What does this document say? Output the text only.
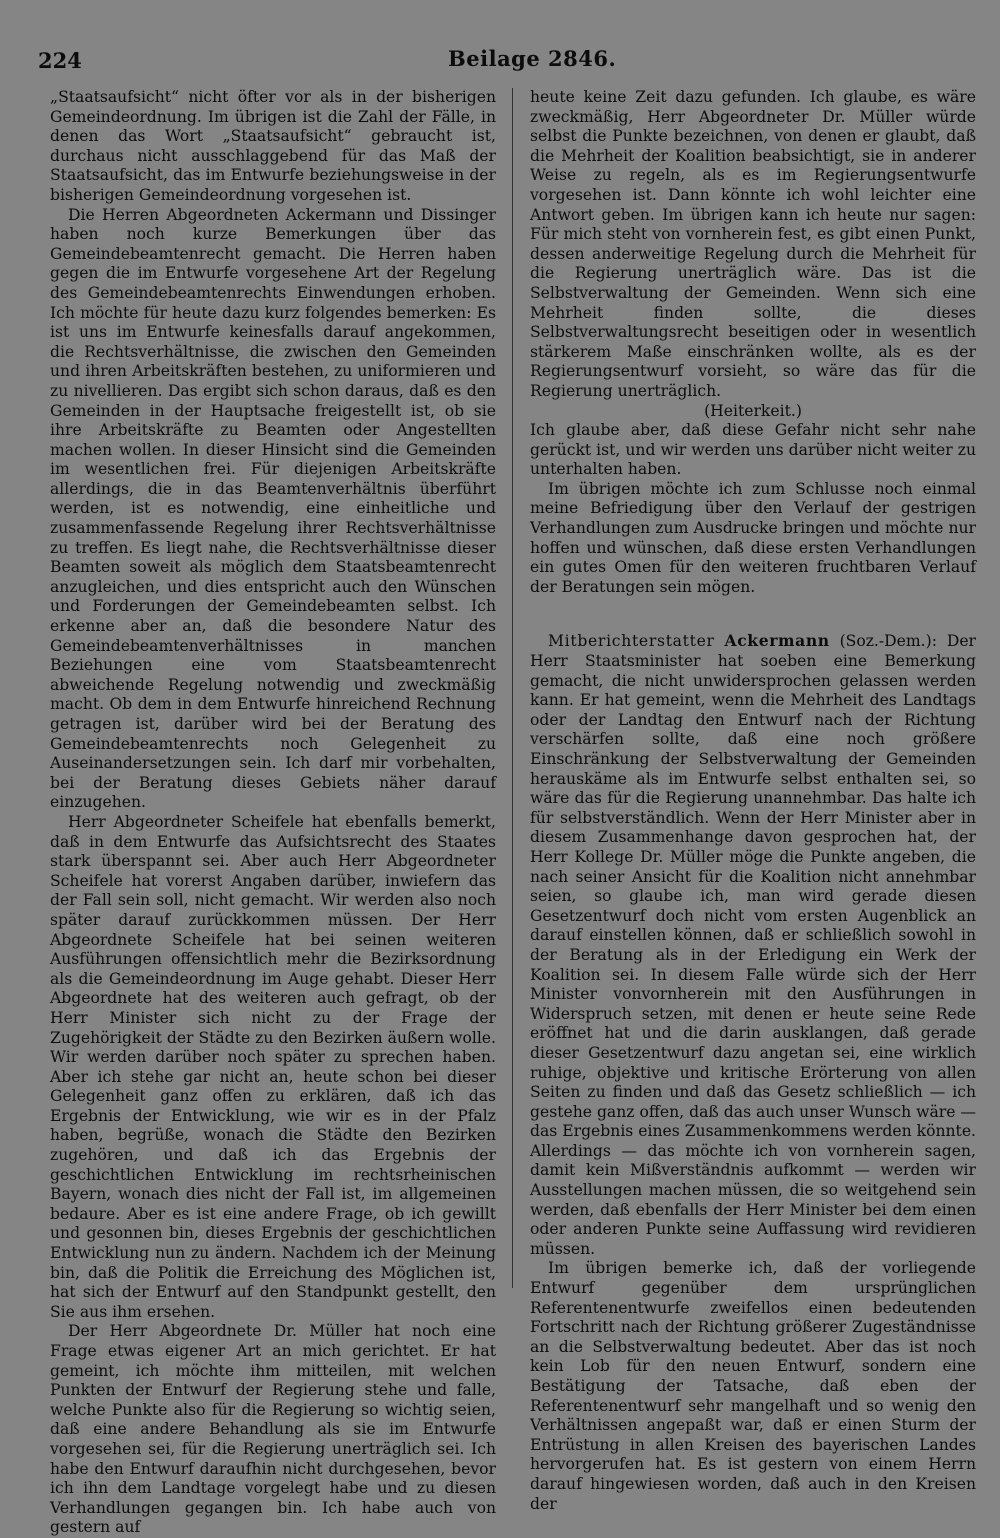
224	Beilage 2846.

„Staatsaufsicht“ nicht öfter vor als in der bisherigen Gemeindeordnung. Im übrigen ist die Zahl der Fälle, in denen das Wort „Staatsaufsicht“ gebraucht ist, durchaus nicht ausschlaggebend für das Maß der Staatsaufsicht, das im Entwurfe beziehungsweise in der bisherigen Gemeindeordnung vorgesehen ist.

Die Herren Abgeordneten Ackermann und Dissinger haben noch kurze Bemerkungen über das Gemeindebeamtenrecht gemacht. Die Herren haben gegen die im Entwurfe vorgesehene Art der Regelung des Gemeindebeamtenrechts Einwendungen erhoben. Ich möchte für heute dazu kurz folgendes bemerken: Es ist uns im Entwurfe keinesfalls darauf angekommen, die Rechtsverhältnisse, die zwischen den Gemeinden und ihren Arbeitskräften bestehen, zu uniformieren und zu nivellieren. Das ergibt sich schon daraus, daß es den Gemeinden in der Hauptsache freigestellt ist, ob sie ihre Arbeitskräfte zu Beamten oder Angestellten machen wollen. In dieser Hinsicht sind die Gemeinden im wesentlichen frei. Für diejenigen Arbeitskräfte allerdings, die in das Beamtenverhältnis überführt werden, ist es notwendig, eine einheitliche und zusammenfassende Regelung ihrer Rechtsverhältnisse zu treffen. Es liegt nahe, die Rechtsverhältnisse dieser Beamten soweit als möglich dem Staatsbeamtenrecht anzugleichen, und dies entspricht auch den Wünschen und Forderungen der Gemeindebeamten selbst. Ich erkenne aber an, daß die besondere Natur des Gemeindebeamtenverhältnisses in manchen Beziehungen eine vom Staatsbeamtenrecht abweichende Regelung notwendig und zweckmäßig macht. Ob dem in dem Entwurfe hinreichend Rechnung getragen ist, darüber wird bei der Beratung des Gemeindebeamtenrechts noch Gelegenheit zu Auseinandersetzungen sein. Ich darf mir vorbehalten, bei der Beratung dieses Gebiets näher darauf einzugehen.

Herr Abgeordneter Scheifele hat ebenfalls bemerkt, daß in dem Entwurfe das Aufsichtsrecht des Staates stark überspannt sei. Aber auch Herr Abgeordneter Scheifele hat vorerst Angaben darüber, inwiefern das der Fall sein soll, nicht gemacht. Wir werden also noch später darauf zurückkommen müssen. Der Herr Abgeordnete Scheifele hat bei seinen weiteren Ausführungen offensichtlich mehr die Bezirksordnung als die Gemeindeordnung im Auge gehabt. Dieser Herr Abgeordnete hat des weiteren auch gefragt, ob der Herr Minister sich nicht zu der Frage der Zugehörigkeit der Städte zu den Bezirken äußern wolle. Wir werden darüber noch später zu sprechen haben. Aber ich stehe gar nicht an, heute schon bei dieser Gelegenheit ganz offen zu erklären, daß ich das Ergebnis der Entwicklung, wie wir es in der Pfalz haben, begrüße, wonach die Städte den Bezirken zugehören, und daß ich das Ergebnis der geschichtlichen Entwicklung im rechtsrheinischen Bayern, wonach dies nicht der Fall ist, im allgemeinen bedaure. Aber es ist eine andere Frage, ob ich gewillt und gesonnen bin, dieses Ergebnis der geschichtlichen Entwicklung nun zu ändern. Nachdem ich der Meinung bin, daß die Politik die Erreichung des Möglichen ist, hat sich der Entwurf auf den Standpunkt gestellt, den Sie aus ihm ersehen.

Der Herr Abgeordnete Dr. Müller hat noch eine Frage etwas eigener Art an mich gerichtet. Er hat gemeint, ich möchte ihm mitteilen, mit welchen Punkten der Entwurf der Regierung stehe und falle, welche Punkte also für die Regierung so wichtig seien, daß eine andere Behandlung als sie im Entwurfe vorgesehen sei, für die Regierung unerträglich sei. Ich habe den Entwurf daraufhin nicht durchgesehen, bevor ich ihn dem Landtage vorgelegt habe und zu diesen Verhandlungen gegangen bin. Ich habe auch von gestern auf

heute keine Zeit dazu gefunden. Ich glaube, es wäre zweckmäßig, Herr Abgeordneter Dr. Müller würde selbst die Punkte bezeichnen, von denen er glaubt, daß die Mehrheit der Koalition beabsichtigt, sie in anderer Weise zu regeln, als es im Regierungsentwurfe vorgesehen ist. Dann könnte ich wohl leichter eine Antwort geben. Im übrigen kann ich heute nur sagen: Für mich steht von vornherein fest, es gibt einen Punkt, dessen anderweitige Regelung durch die Mehrheit für die Regierung unerträglich wäre. Das ist die Selbstverwaltung der Gemeinden. Wenn sich eine Mehrheit finden sollte, die dieses Selbstverwaltungsrecht beseitigen oder in wesentlich stärkerem Maße einschränken wollte, als es der Regierungsentwurf vorsieht, so wäre das für die Regierung unerträglich.

(Heiterkeit.)

Ich glaube aber, daß diese Gefahr nicht sehr nahe gerückt ist, und wir werden uns darüber nicht weiter zu unterhalten haben.

Im übrigen möchte ich zum Schlusse noch einmal meine Befriedigung über den Verlauf der gestrigen Verhandlungen zum Ausdrucke bringen und möchte nur hoffen und wünschen, daß diese ersten Verhandlungen ein gutes Omen für den weiteren fruchtbaren Verlauf der Beratungen sein mögen.

Mitberichterstatter Ackermann (Soz.-Dem.): Der Herr Staatsminister hat soeben eine Bemerkung gemacht, die nicht unwidersprochen gelassen werden kann. Er hat gemeint, wenn die Mehrheit des Landtags oder der Landtag den Entwurf nach der Richtung verschärfen sollte, daß eine noch größere Einschränkung der Selbstverwaltung der Gemeinden herauskäme als im Entwurfe selbst enthalten sei, so wäre das für die Regierung unannehmbar. Das halte ich für selbstverständlich. Wenn der Herr Minister aber in diesem Zusammenhange davon gesprochen hat, der Herr Kollege Dr. Müller möge die Punkte angeben, die nach seiner Ansicht für die Koalition nicht annehmbar seien, so glaube ich, man wird gerade diesen Gesetzentwurf doch nicht vom ersten Augenblick an darauf einstellen können, daß er schließlich sowohl in der Beratung als in der Erledigung ein Werk der Koalition sei. In diesem Falle würde sich der Herr Minister vonvornherein mit den Ausführungen in Widerspruch setzen, mit denen er heute seine Rede eröffnet hat und die darin ausklangen, daß gerade dieser Gesetzentwurf dazu angetan sei, eine wirklich ruhige, objektive und kritische Erörterung von allen Seiten zu finden und daß das Gesetz schließlich — ich gestehe ganz offen, daß das auch unser Wunsch wäre — das Ergebnis eines Zusammenkommens werden könnte. Allerdings — das möchte ich von vornherein sagen, damit kein Mißverständnis aufkommt — werden wir Ausstellungen machen müssen, die so weitgehend sein werden, daß ebenfalls der Herr Minister bei dem einen oder anderen Punkte seine Auffassung wird revidieren müssen.

Im übrigen bemerke ich, daß der vorliegende Entwurf gegenüber dem ursprünglichen Referentenentwurfe zweifellos einen bedeutenden Fortschritt nach der Richtung größerer Zugeständnisse an die Selbstverwaltung bedeutet. Aber das ist noch kein Lob für den neuen Entwurf, sondern eine Bestätigung der Tatsache, daß eben der Referentenentwurf sehr mangelhaft und so wenig den Verhältnissen angepaßt war, daß er einen Sturm der Entrüstung in allen Kreisen des bayerischen Landes hervorgerufen hat. Es ist gestern von einem Herrn darauf hingewiesen worden, daß auch in den Kreisen der
